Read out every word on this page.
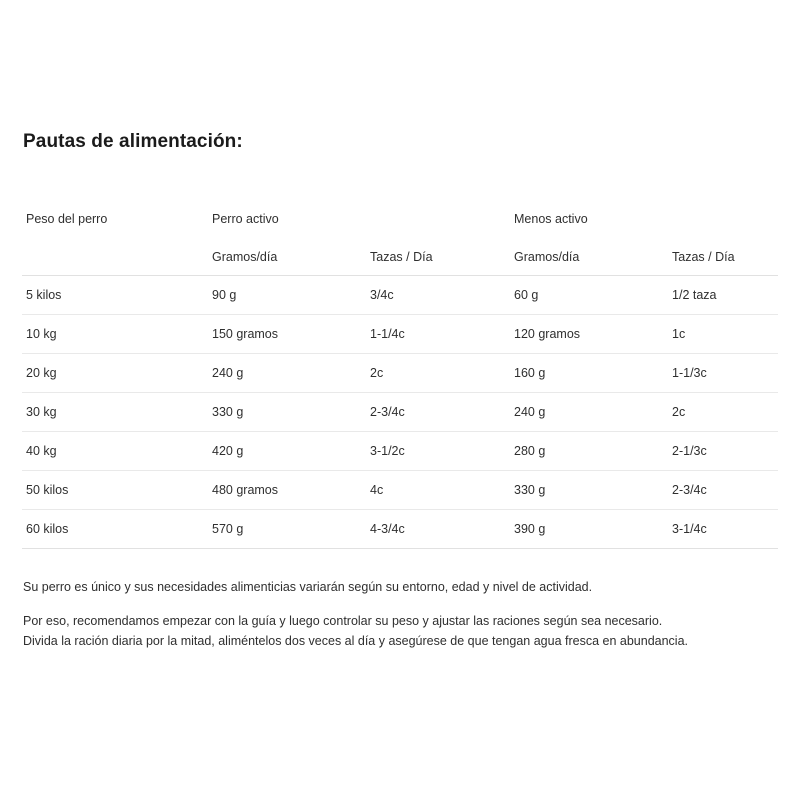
Pautas de alimentación:
Peso del perro	Perro activo		Menos activo	
	Gramos/día	Tazas / Día	Gramos/día	Tazas / Día
5 kilos	90 g	3/4c	60 g	1/2 taza
10 kg	150 gramos	1-1/4c	120 gramos	1c
20 kg	240 g	2c	160 g	1-1/3c
30 kg	330 g	2-3/4c	240 g	2c
40 kg	420 g	3-1/2c	280 g	2-1/3c
50 kilos	480 gramos	4c	330 g	2-3/4c
60 kilos	570 g	4-3/4c	390 g	3-1/4c

Su perro es único y sus necesidades alimenticias variarán según su entorno, edad y nivel de actividad.

Por eso, recomendamos empezar con la guía y luego controlar su peso y ajustar las raciones según sea necesario.

Divida la ración diaria por la mitad, aliméntelos dos veces al día y asegúrese de que tengan agua fresca en abundancia.
